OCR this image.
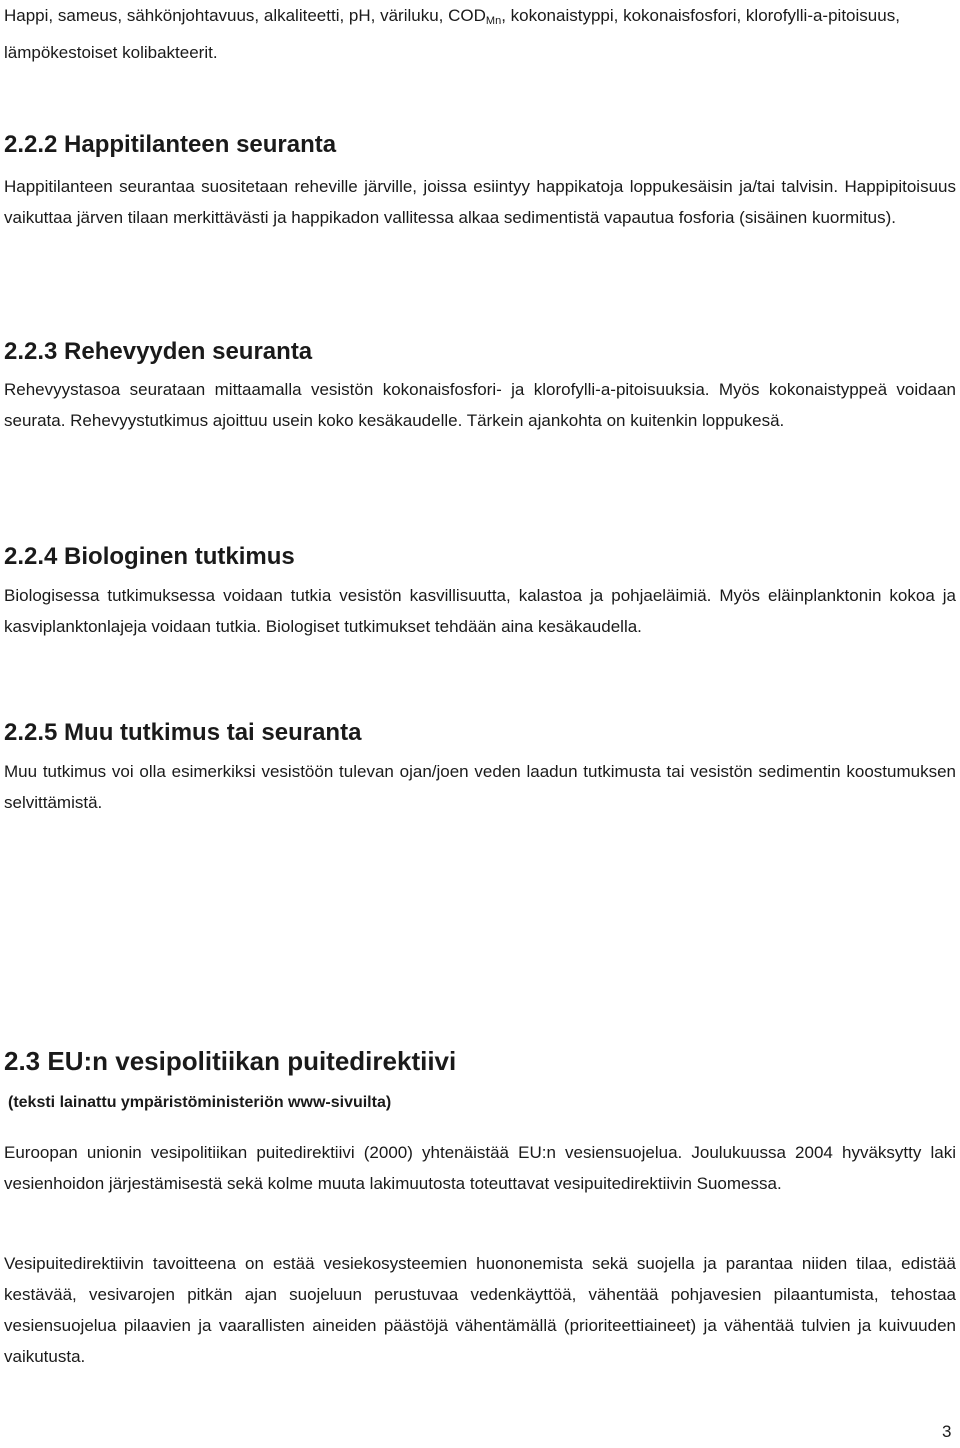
Happi, sameus, sähkönjohtavuus, alkaliteetti, pH, väriluku, $COD_{Mn}$, kokonaistyppi, kokonaisfosfori, klorofylli-a-pitoisuus, lämpökestoiset kolibakteerit.

2.2.2 Happitilanteen seuranta

Happitilanteen seurantaa suositetaan reheville järville, joissa esiintyy happikatoja loppukesäisin ja/tai talvisin. Happipitoisuus vaikuttaa järven tilaan merkittävästi ja happikadon vallitessa alkaa sedimentistä vapautua fosforia (sisäinen kuormitus).

2.2.3 Rehevyyden seuranta

Rehevyystasoa seurataan mittaamalla vesistön kokonaisfosfori- ja klorofylli-a-pitoisuuksia. Myös kokonaistyppeä voidaan seurata. Rehevyystutkimus ajoittuu usein koko kesäkaudelle. Tärkein ajankohta on kuitenkin loppukesä.

2.2.4 Biologinen tutkimus

Biologisessa tutkimuksessa voidaan tutkia vesistön kasvillisuutta, kalastoa ja pohjaeläimiä. Myös eläinplanktonin kokoa ja kasviplanktonlajeja voidaan tutkia. Biologiset tutkimukset tehdään aina kesäkaudella.

2.2.5 Muu tutkimus tai seuranta

Muu tutkimus voi olla esimerkiksi vesistöön tulevan ojan/joen veden laadun tutkimusta tai vesistön sedimentin koostumuksen selvittämistä.

2.3 EU:n vesipolitiikan puitedirektiivi

(teksti lainattu ympäristöministeriön www-sivuilta)

Euroopan unionin vesipolitiikan puitedirektiivi (2000) yhtenäistää EU:n vesiensuojelua. Joulukuussa 2004 hyväksytty laki vesienhoidon järjestämisestä sekä kolme muuta lakimuutosta toteuttavat vesipuitedirektiivin Suomessa.

Vesipuitedirektiivin tavoitteena on estää vesiekosysteemien huononemista sekä suojella ja parantaa niiden tilaa, edistää kestävää, vesivarojen pitkän ajan suojeluun perustuvaa vedenkäyttöä, vähentää pohjavesien pilaantumista, tehostaa vesiensuojelua pilaavien ja vaarallisten aineiden päästöjä vähentämällä (prioriteettiaineet) ja vähentää tulvien ja kuivuuden vaikutusta.

3
